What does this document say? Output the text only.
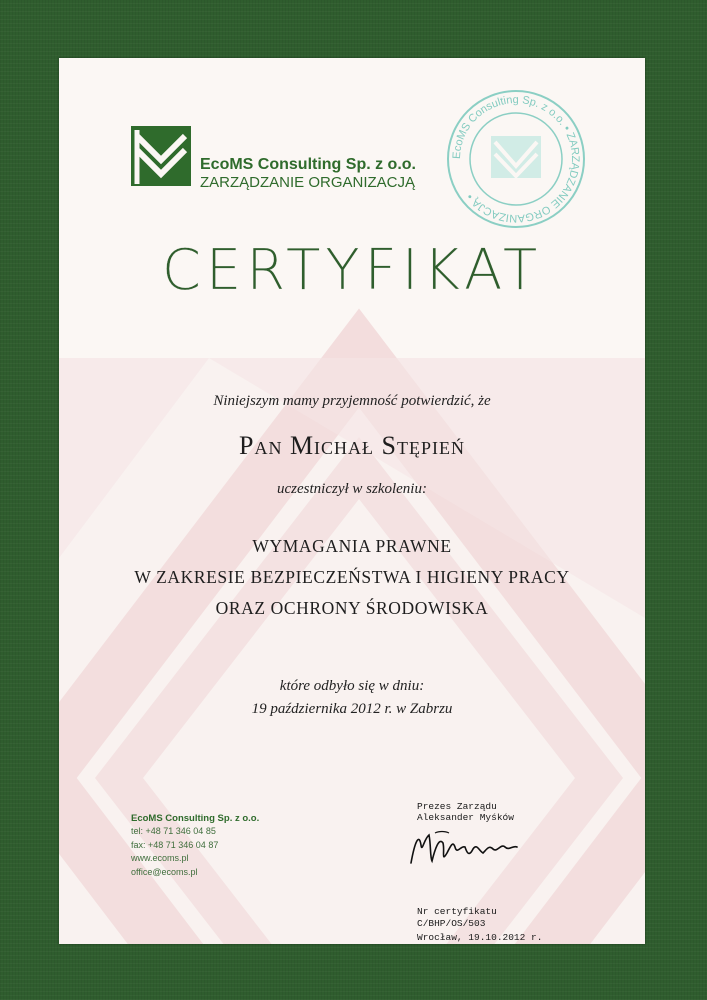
EcoMS Consulting Sp. z o.o.
ZARZĄDZANIE ORGANIZACJĄ
EcoMS Consulting Sp. z o.o. • ZARZĄDZANIE ORGANIZACJĄ •
CERTYFIKAT
Niniejszym mamy przyjemność potwierdzić, że
Pan Michał Stępień
uczestniczył w szkoleniu:
WYMAGANIA PRAWNE
W ZAKRESIE BEZPIECZEŃSTWA I HIGIENY PRACY
ORAZ OCHRONY ŚRODOWISKA
które odbyło się w dniu:
19 października 2012 r. w Zabrzu
EcoMS Consulting Sp. z o.o.
tel: +48 71 346 04 85
fax: +48 71 346 04 87
www.ecoms.pl
office@ecoms.pl
Prezes Zarządu
Aleksander Myśków
Nr certyfikatu
C/BHP/OS/503
Wrocław, 19.10.2012 r.
